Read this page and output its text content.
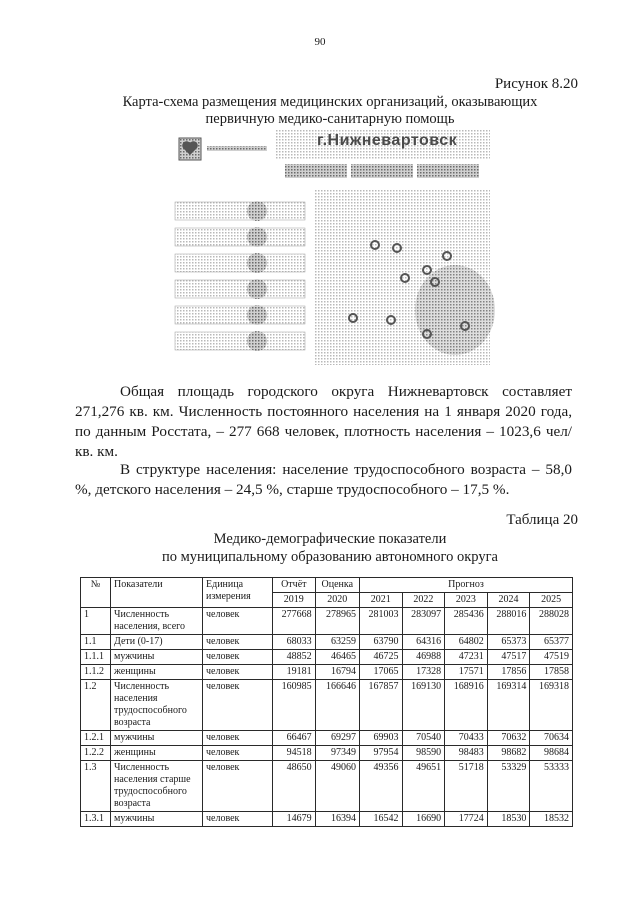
90
Рисунок 8.20
Карта-схема размещения медицинских организаций, оказывающих
первичную медико-санитарную помощь
г.Нижневартовск
Общая площадь городского округа Нижневартовск составляет 271,276 кв. км. Численность постоянного населения на 1 января 2020 года, по данным Росстата, – 277 668 человек, плотность населения – 1023,6 чел/кв. км.
В структуре населения: население трудоспособного возраста – 58,0 %, детского населения – 24,5 %, старше трудоспособного – 17,5 %.
Таблица 20
Медико-демографические показатели
по муниципальному образованию автономного округа
№	Показатели	Единица измерения	Отчёт	Оценка	Прогноз				
			2019	2020	2021	2022	2023	2024	2025
1	Численность населения, всего	человек	277668	278965	281003	283097	285436	288016	288028
1.1	Дети (0-17)	человек	68033	63259	63790	64316	64802	65373	65377
1.1.1	мужчины	человек	48852	46465	46725	46988	47231	47517	47519
1.1.2	женщины	человек	19181	16794	17065	17328	17571	17856	17858
1.2	Численность населения трудоспособного возраста	человек	160985	166646	167857	169130	168916	169314	169318
1.2.1	мужчины	человек	66467	69297	69903	70540	70433	70632	70634
1.2.2	женщины	человек	94518	97349	97954	98590	98483	98682	98684
1.3	Численность населения старше трудоспособного возраста	человек	48650	49060	49356	49651	51718	53329	53333
1.3.1	мужчины	человек	14679	16394	16542	16690	17724	18530	18532
